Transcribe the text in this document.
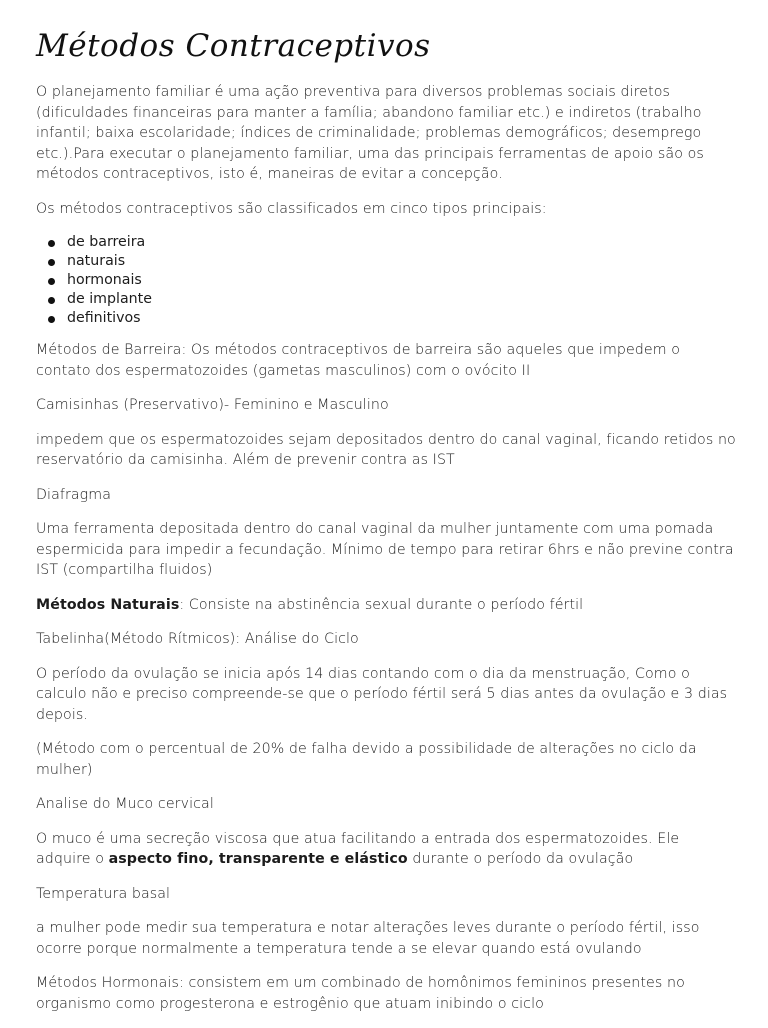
Métodos Contraceptivos

O planejamento familiar é uma ação preventiva para diversos problemas sociais diretos (dificuldades financeiras para manter a família; abandono familiar etc.) e indiretos (trabalho infantil; baixa escolaridade; índices de criminalidade; problemas demográficos; desemprego etc.).Para executar o planejamento familiar, uma das principais ferramentas de apoio são os métodos contraceptivos, isto é, maneiras de evitar a concepção.

Os métodos contraceptivos são classificados em cinco tipos principais:

de barreira
naturais
hormonais
de implante
definitivos

Métodos de Barreira: Os métodos contraceptivos de barreira são aqueles que impedem o contato dos espermatozoides (gametas masculinos) com o ovócito II

Camisinhas (Preservativo)- Feminino e Masculino

impedem que os espermatozoides sejam depositados dentro do canal vaginal, ficando retidos no reservatório da camisinha. Além de prevenir contra as IST

Diafragma

Uma ferramenta depositada dentro do canal vaginal da mulher juntamente com uma pomada espermicida para impedir a fecundação. Mínimo de tempo para retirar 6hrs e não previne contra IST (compartilha fluidos)

Métodos Naturais: Consiste na abstinência sexual durante o período fértil

Tabelinha(Método Rítmicos): Análise do Ciclo

O período da ovulação se inicia após 14 dias contando com o dia da menstruação, Como o calculo não e preciso compreende-se que o período fértil será 5 dias antes da ovulação e 3 dias depois.

(Método com o percentual de 20% de falha devido a possibilidade de alterações no ciclo da mulher)

Analise do Muco cervical

O muco é uma secreção viscosa que atua facilitando a entrada dos espermatozoides. Ele adquire o aspecto fino, transparente e elástico durante o período da ovulação

Temperatura basal

a mulher pode medir sua temperatura e notar alterações leves durante o período fértil, isso ocorre porque normalmente a temperatura tende a se elevar quando está ovulando

Métodos Hormonais: consistem em um combinado de homônimos femininos presentes no organismo como progesterona e estrogênio que atuam inibindo o ciclo
